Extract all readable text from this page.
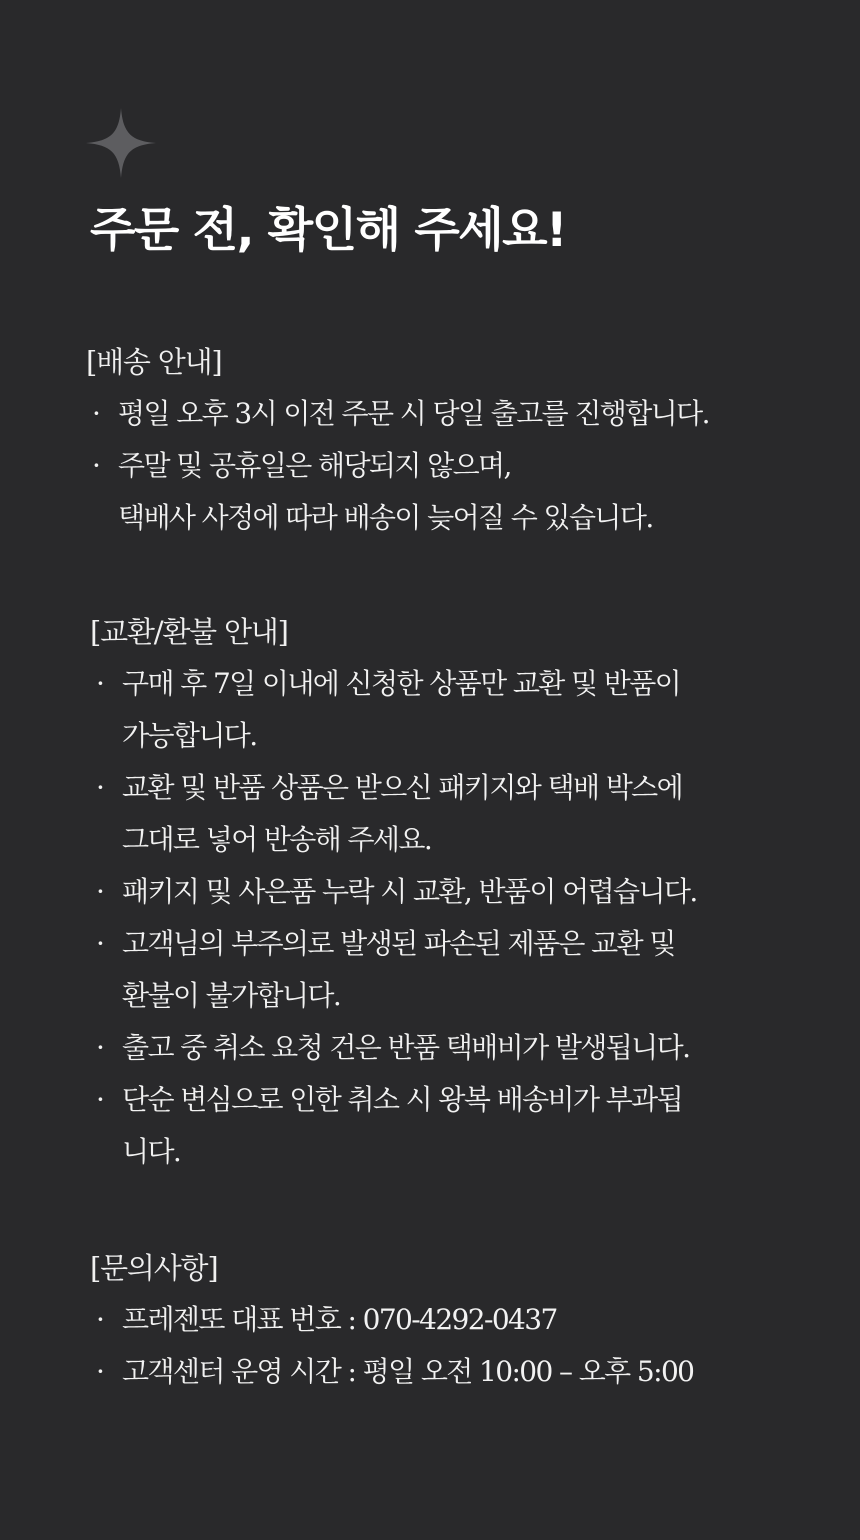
주문 전, 확인해 주세요!
[배송 안내]
· 평일 오후 3시 이전 주문 시 당일 출고를 진행합니다.
· 주말 및 공휴일은 해당되지 않으며,
택배사 사정에 따라 배송이 늦어질 수 있습니다.
[교환/환불 안내]
· 구매 후 7일 이내에 신청한 상품만 교환 및 반품이
가능합니다.
· 교환 및 반품 상품은 받으신 패키지와 택배 박스에
그대로 넣어 반송해 주세요.
· 패키지 및 사은품 누락 시 교환, 반품이 어렵습니다.
· 고객님의 부주의로 발생된 파손된 제품은 교환 및
환불이 불가합니다.
· 출고 중 취소 요청 건은 반품 택배비가 발생됩니다.
· 단순 변심으로 인한 취소 시 왕복 배송비가 부과됩
니다.
[문의사항]
· 프레젠또 대표 번호 : 070-4292-0437
· 고객센터 운영 시간 : 평일 오전 10:00 – 오후 5:00
